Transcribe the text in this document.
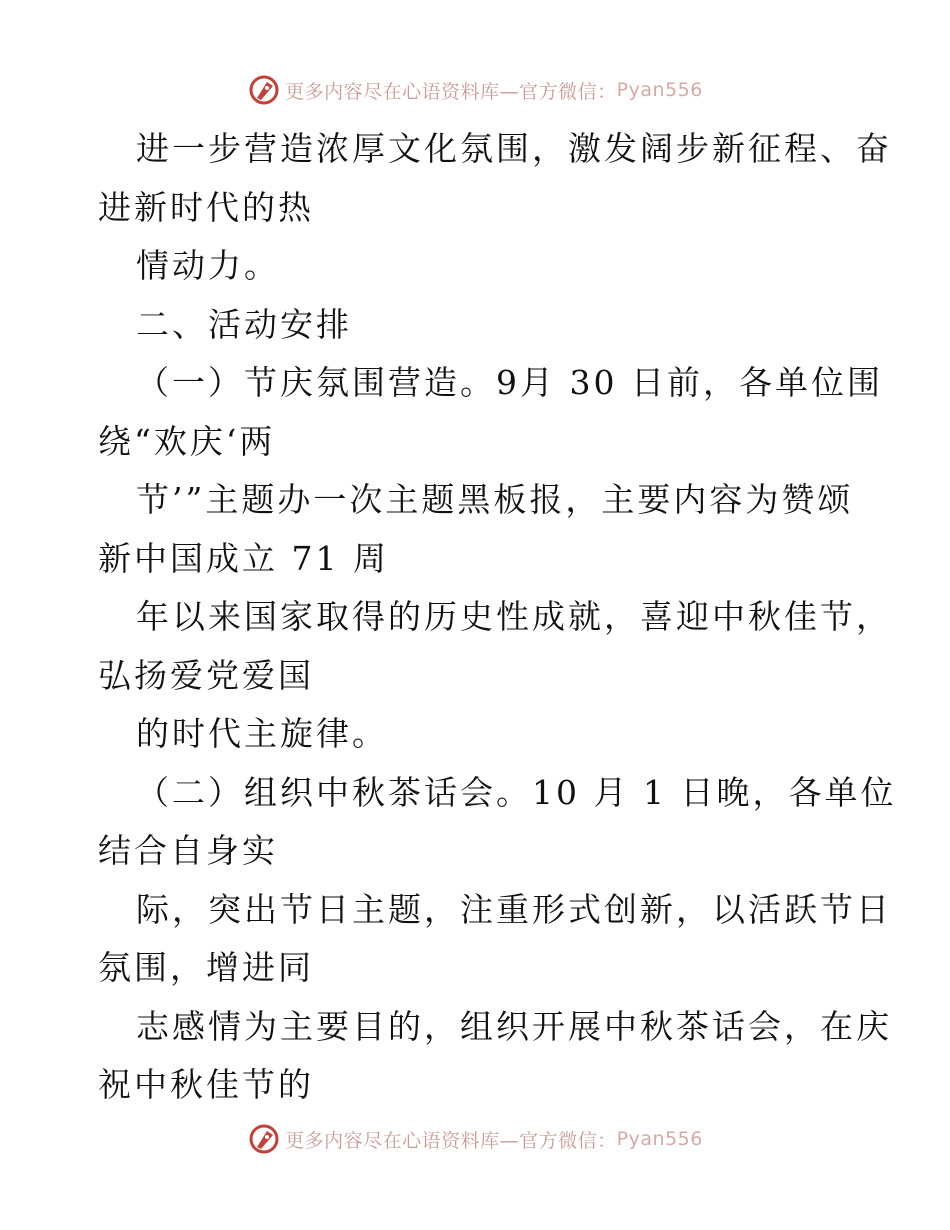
更多内容尽在心语资料库—官方微信： Pyan556
进一步营造浓厚文化氛围，激发阔步新征程、奋
进新时代的热
情动力。
二、活动安排
（一）节庆氛围营造。9月 30 日前，各单位围
绕“欢庆‘两
节’”主题办一次主题黑板报，主要内容为赞颂
新中国成立 71 周
年以来国家取得的历史性成就，喜迎中秋佳节，
弘扬爱党爱国
的时代主旋律。
（二）组织中秋茶话会。10 月 1 日晚，各单位
结合自身实
际，突出节日主题，注重形式创新，以活跃节日
氛围，增进同
志感情为主要目的，组织开展中秋茶话会，在庆
祝中秋佳节的
更多内容尽在心语资料库—官方微信： Pyan556
